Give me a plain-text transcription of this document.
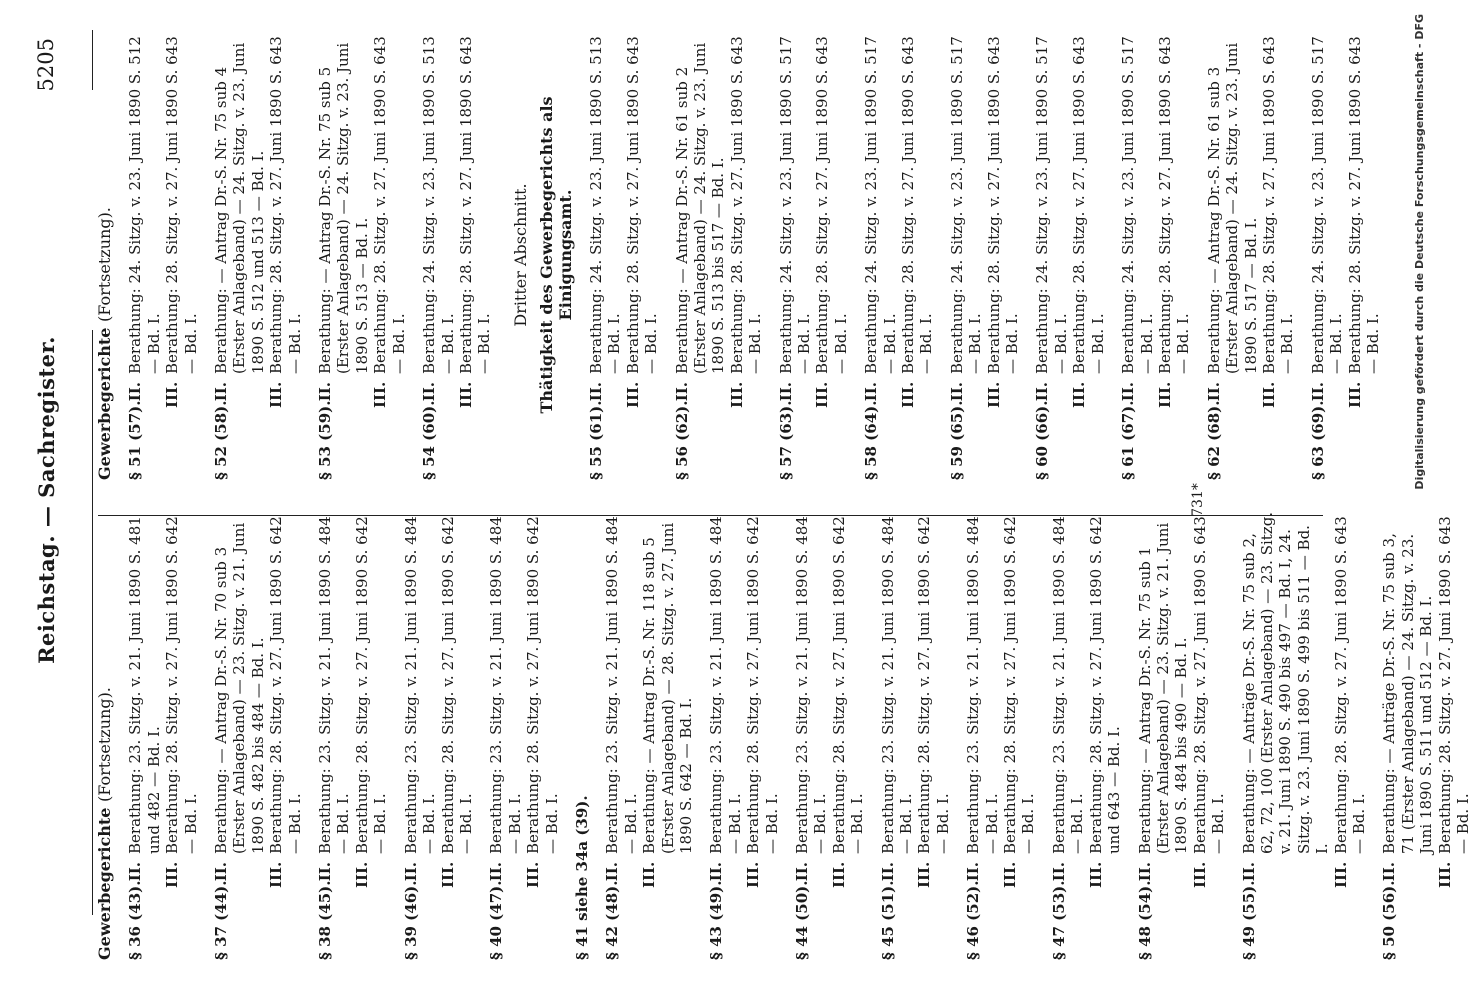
Reichstag. — Sachregister.
5205
Gewerbegerichte (Fortsetzung).
§ 36 (43).
II.
Berathung: 23. Sitzg. v. 21. Juni 1890 S. 481 und 482 — Bd. I.
III.
Berathung: 28. Sitzg. v. 27. Juni 1890 S. 642 — Bd. I.
§ 37 (44).
II.
Berathung: — Antrag Dr.-S. Nr. 70 sub 3 (Erster Anlageband) — 23. Sitzg. v. 21. Juni 1890 S. 482 bis 484 — Bd. I.
III.
Berathung: 28. Sitzg. v. 27. Juni 1890 S. 642 — Bd. I.
§ 38 (45).
II.
Berathung: 23. Sitzg. v. 21. Juni 1890 S. 484 — Bd. I.
III.
Berathung: 28. Sitzg. v. 27. Juni 1890 S. 642 — Bd. I.
§ 39 (46).
II.
Berathung: 23. Sitzg. v. 21. Juni 1890 S. 484 — Bd. I.
III.
Berathung: 28. Sitzg. v. 27. Juni 1890 S. 642 — Bd. I.
§ 40 (47).
II.
Berathung: 23. Sitzg. v. 21. Juni 1890 S. 484 — Bd. I.
III.
Berathung: 28. Sitzg. v. 27. Juni 1890 S. 642 — Bd. I. § 41 siehe 34a (39). § 42 (48).
II.
Berathung: 23. Sitzg. v. 21. Juni 1890 S. 484 — Bd. I.
III.
Berathung: — Antrag Dr.-S. Nr. 118 sub 5 (Erster Anlageband) — 28. Sitzg. v. 27. Juni 1890 S. 642 — Bd. I.
§ 43 (49).
II.
Berathung: 23. Sitzg. v. 21. Juni 1890 S. 484 — Bd. I.
III.
Berathung: 28. Sitzg. v. 27. Juni 1890 S. 642 — Bd. I.
§ 44 (50).
II.
Berathung: 23. Sitzg. v. 21. Juni 1890 S. 484 — Bd. I.
III.
Berathung: 28. Sitzg. v. 27. Juni 1890 S. 642 — Bd. I.
§ 45 (51).
II.
Berathung: 23. Sitzg. v. 21. Juni 1890 S. 484 — Bd. I.
III.
Berathung: 28. Sitzg. v. 27. Juni 1890 S. 642 — Bd. I.
§ 46 (52).
II.
Berathung: 23. Sitzg. v. 21. Juni 1890 S. 484 — Bd. I.
III.
Berathung: 28. Sitzg. v. 27. Juni 1890 S. 642 — Bd. I.
§ 47 (53).
II.
Berathung: 23. Sitzg. v. 21. Juni 1890 S. 484 — Bd. I.
III.
Berathung: 28. Sitzg. v. 27. Juni 1890 S. 642 und 643 — Bd. I.
§ 48 (54).
II.
Berathung: — Antrag Dr.-S. Nr. 75 sub 1 (Erster Anlageband) — 23. Sitzg. v. 21. Juni 1890 S. 484 bis 490 — Bd. I.
III.
Berathung: 28. Sitzg. v. 27. Juni 1890 S. 643 — Bd. I.
§ 49 (55).
II.
Berathung: — Anträge Dr.-S. Nr. 75 sub 2, 62, 72, 100 (Erster Anlageband) — 23. Sitzg. v. 21. Juni 1890 S. 490 bis 497 — Bd. I, 24. Sitzg. v. 23. Juni 1890 S. 499 bis 511 — Bd. I.
III.
Berathung: 28. Sitzg. v. 27. Juni 1890 S. 643 — Bd. I.
§ 50 (56).
II.
Berathung: — Anträge Dr.-S. Nr. 75 sub 3, 71 (Erster Anlageband) — 24. Sitzg. v. 23. Juni 1890 S. 511 und 512 — Bd. I.
III.
Berathung: 28. Sitzg. v. 27. Juni 1890 S. 643 — Bd. I.
Gewerbegerichte (Fortsetzung).
§ 51 (57).
II.
Berathung: 24. Sitzg. v. 23. Juni 1890 S. 512 — Bd. I.
III.
Berathung: 28. Sitzg. v. 27. Juni 1890 S. 643 — Bd. I.
§ 52 (58).
II.
Berathung: — Antrag Dr.-S. Nr. 75 sub 4 (Erster Anlageband) — 24. Sitzg. v. 23. Juni 1890 S. 512 und 513 — Bd. I.
III.
Berathung: 28. Sitzg. v. 27. Juni 1890 S. 643 — Bd. I.
§ 53 (59).
II.
Berathung: — Antrag Dr.-S. Nr. 75 sub 5 (Erster Anlageband) — 24. Sitzg. v. 23. Juni 1890 S. 513 — Bd. I.
III.
Berathung: 28. Sitzg. v. 27. Juni 1890 S. 643 — Bd. I.
§ 54 (60).
II.
Berathung: 24. Sitzg. v. 23. Juni 1890 S. 513 — Bd. I.
III.
Berathung: 28. Sitzg. v. 27. Juni 1890 S. 643 — Bd. I.
Dritter Abschnitt. Thätigkeit des Gewerbegerichts als Einigungsamt.
§ 55 (61).
II.
Berathung: 24. Sitzg. v. 23. Juni 1890 S. 513 — Bd. I.
III.
Berathung: 28. Sitzg. v. 27. Juni 1890 S. 643 — Bd. I.
§ 56 (62).
II.
Berathung: — Antrag Dr.-S. Nr. 61 sub 2 (Erster Anlageband) — 24. Sitzg. v. 23. Juni 1890 S. 513 bis 517 — Bd. I.
III.
Berathung: 28. Sitzg. v. 27. Juni 1890 S. 643 — Bd. I.
§ 57 (63).
II.
Berathung: 24. Sitzg. v. 23. Juni 1890 S. 517 — Bd. I.
III.
Berathung: 28. Sitzg. v. 27. Juni 1890 S. 643 — Bd. I.
§ 58 (64).
II.
Berathung: 24. Sitzg. v. 23. Juni 1890 S. 517 — Bd. I.
III.
Berathung: 28. Sitzg. v. 27. Juni 1890 S. 643 — Bd. I.
§ 59 (65).
II.
Berathung: 24. Sitzg. v. 23. Juni 1890 S. 517 — Bd. I.
III.
Berathung: 28. Sitzg. v. 27. Juni 1890 S. 643 — Bd. I.
§ 60 (66).
II.
Berathung: 24. Sitzg. v. 23. Juni 1890 S. 517 — Bd. I.
III.
Berathung: 28. Sitzg. v. 27. Juni 1890 S. 643 — Bd. I.
§ 61 (67).
II.
Berathung: 24. Sitzg. v. 23. Juni 1890 S. 517 — Bd. I.
III.
Berathung: 28. Sitzg. v. 27. Juni 1890 S. 643 — Bd. I.
§ 62 (68).
II.
Berathung: — Antrag Dr.-S. Nr. 61 sub 3 (Erster Anlageband) — 24. Sitzg. v. 23. Juni 1890 S. 517 — Bd. I.
III.
Berathung: 28. Sitzg. v. 27. Juni 1890 S. 643 — Bd. I.
§ 63 (69).
II.
Berathung: 24. Sitzg. v. 23. Juni 1890 S. 517 — Bd. I.
III.
Berathung: 28. Sitzg. v. 27. Juni 1890 S. 643 — Bd. I.
731*
Digitalisierung gefördert durch die Deutsche Forschungsgemeinschaft - DFG
